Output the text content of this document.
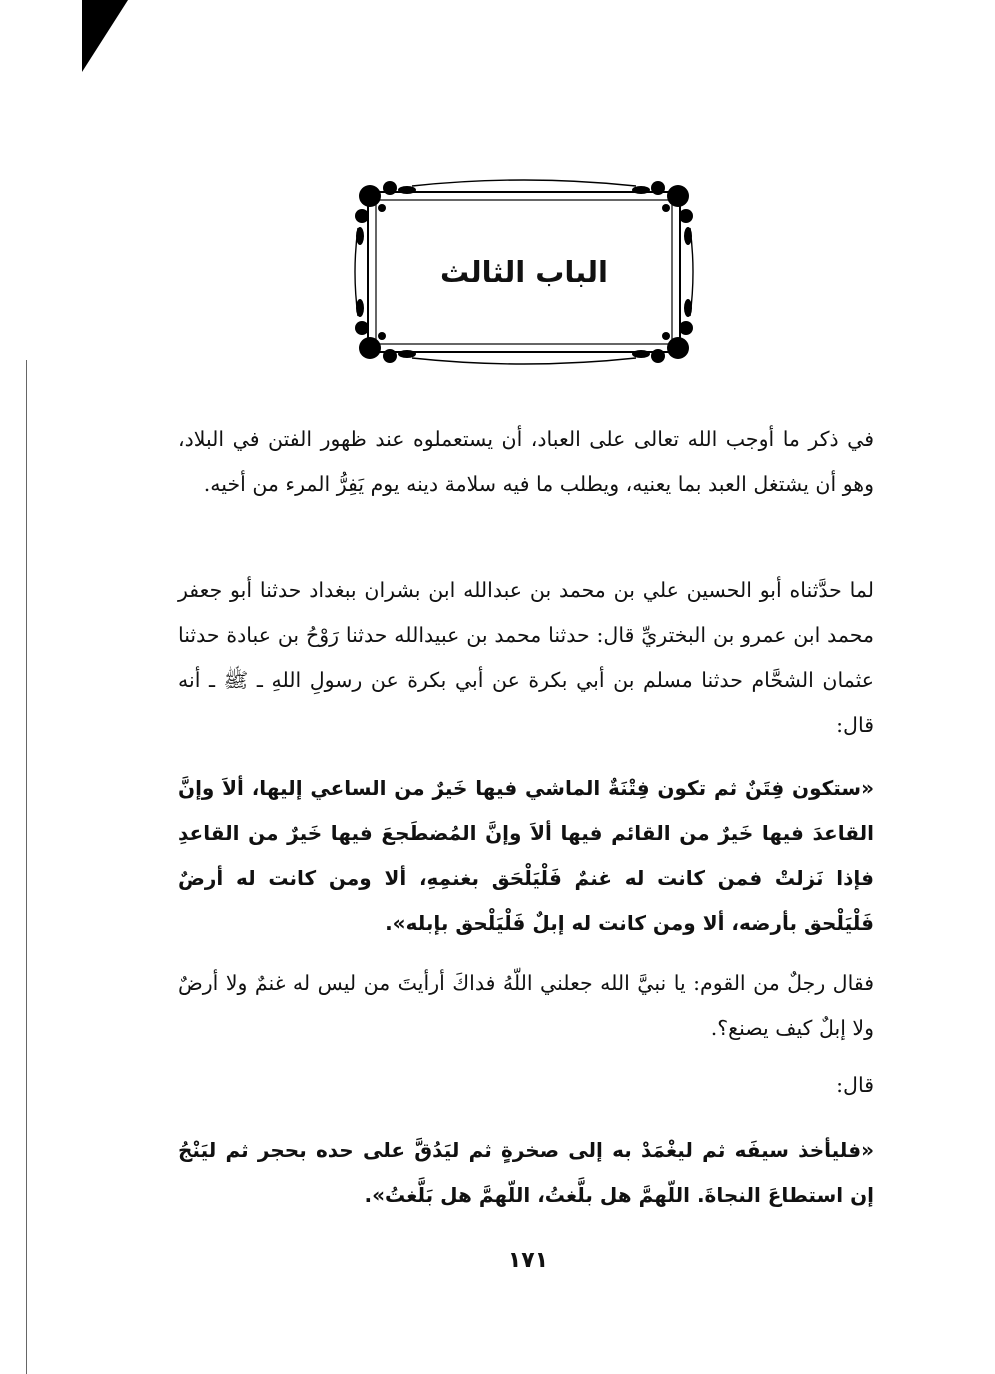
الباب الثالث

في ذكر ما أوجب الله تعالى على العباد، أن يستعملوه عند ظهور الفتن في البلاد، وهو أن يشتغل العبد بما يعنيه، ويطلب ما فيه سلامة دينه يوم يَفِرُّ المرء من أخيه.

لما حدَّثناه أبو الحسين علي بن محمد بن عبدالله ابن بشران ببغداد حدثنا أبو جعفر محمد ابن عمرو بن البختريِّ قال: حدثنا محمد بن عبيدالله حدثنا رَوْحُ بن عبادة حدثنا عثمان الشحَّام حدثنا مسلم بن أبي بكرة عن أبي بكرة عن رسولِ اللهِ ـ ﷺ ـ أنه قال:

«ستكون فِتَنٌ ثم تكون فِتْنَةٌ الماشي فيها خَيرٌ من الساعي إليها، ألاَ وإنَّ القاعدَ فيها خَيرٌ من القائم فيها ألاَ وإنَّ المُضطَجعَ فيها خَيرٌ من القاعدِ فإذا نَزلتْ فمن كانت له غنمٌ فَلْيَلْحَق بغنمِهِ، ألا ومن كانت له أرضٌ فَلْيَلْحق بأرضه، ألا ومن كانت له إبلٌ فَلْيَلْحق بإبله».

فقال رجلٌ من القوم: يا نبيَّ الله جعلني اللّهُ فداكَ أرأيتَ من ليس له غنمٌ ولا أرضٌ ولا إبلٌ كيف يصنع؟.

قال:

«فليأخذ سيفَه ثم ليغْمَدْ به إلى صخرةٍ ثم ليَدُقَّ على حده بحجر ثم ليَنْجُ إن استطاعَ النجاةَ. اللّهمَّ هل بلَّغتُ، اللّهمَّ هل بَلَّغتُ».

١٧١
